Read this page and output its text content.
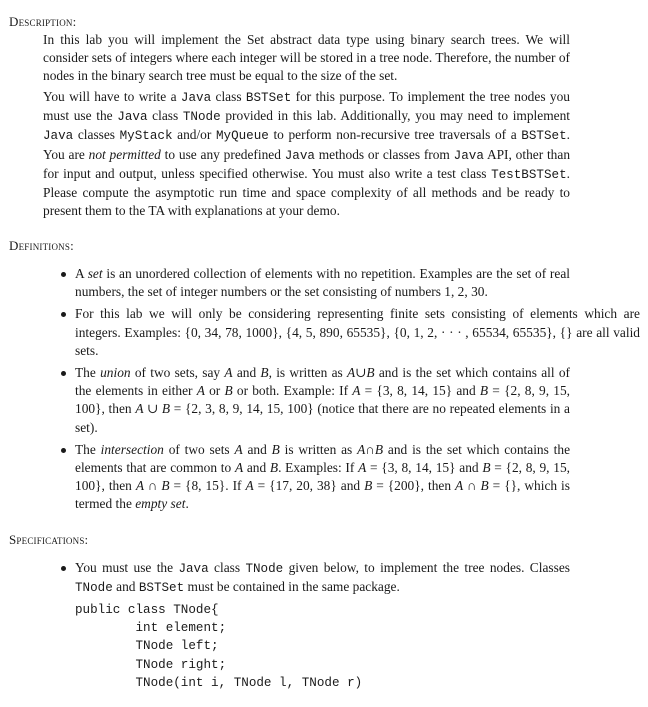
Description:

In this lab you will implement the Set abstract data type using binary search trees. We will consider sets of integers where each integer will be stored in a tree node. Therefore, the number of nodes in the binary search tree must be equal to the size of the set.

You will have to write a Java class BSTSet for this purpose. To implement the tree nodes you must use the Java class TNode provided in this lab. Additionally, you may need to implement Java classes MyStack and/or MyQueue to perform non-recursive tree traversals of a BSTSet. You are not permitted to use any predefined Java methods or classes from Java API, other than for input and output, unless specified otherwise. You must also write a test class TestBSTSet. Please compute the asymptotic run time and space complexity of all methods and be ready to present them to the TA with explanations at your demo.

Definitions:
A set is an unordered collection of elements with no repetition. Examples are the set of real numbers, the set of integer numbers or the set consisting of numbers 1, 2, 30.
For this lab we will only be considering representing finite sets consisting of elements which are integers. Examples: {0, 34, 78, 1000}, {4, 5, 890, 65535}, {0, 1, 2, · · · , 65534, 65535}, {} are all valid sets.
The union of two sets, say A and B, is written as A∪B and is the set which contains all of the elements in either A or B or both. Example: If A = {3, 8, 14, 15} and B = {2, 8, 9, 15, 100}, then A ∪ B = {2, 3, 8, 9, 14, 15, 100} (notice that there are no repeated elements in a set).
The intersection of two sets A and B is written as A∩B and is the set which contains the elements that are common to A and B. Examples: If A = {3, 8, 14, 15} and B = {2, 8, 9, 15, 100}, then A ∩ B = {8, 15}. If A = {17, 20, 38} and B = {200}, then A ∩ B = {}, which is termed the empty set.
Specifications:
You must use the Java class TNode given below, to implement the tree nodes. Classes TNode and BSTSet must be contained in the same package.
public class TNode{
int element;
TNode left;
TNode right;
TNode(int i, TNode l, TNode r)
